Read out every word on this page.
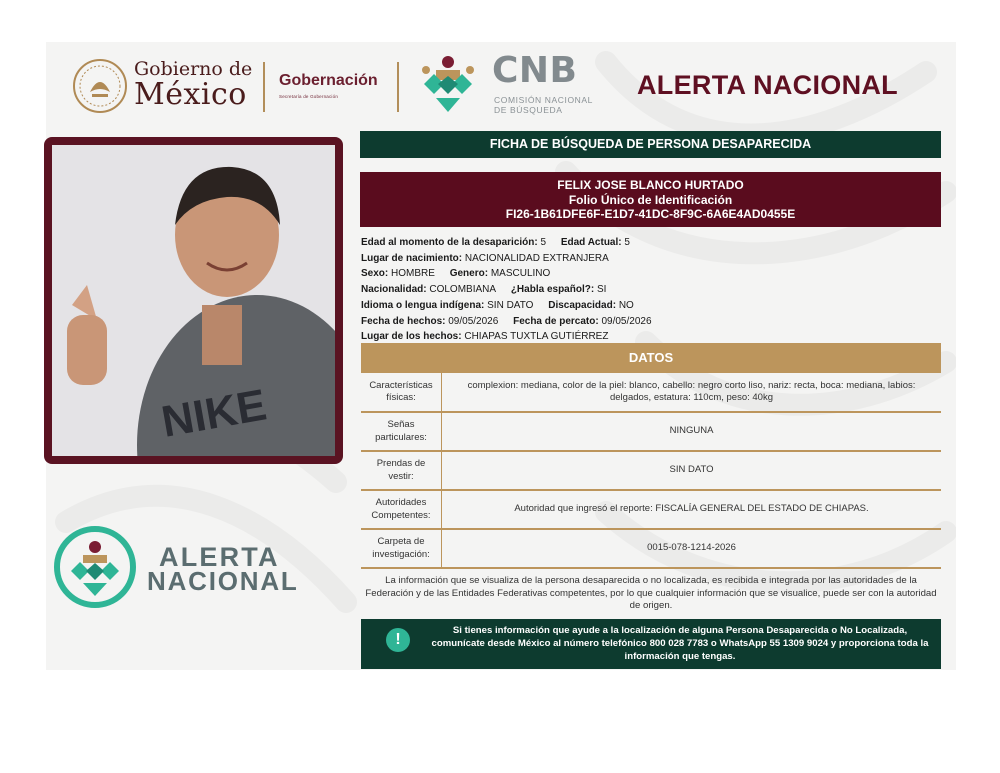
Gobierno de
México	Gobernación
Secretaría de Gobernación
CNB
COMISIÓN NACIONAL
DE BÚSQUEDA
ALERTA NACIONAL
NIKE
FICHA DE BÚSQUEDA DE PERSONA DESAPARECIDA
FELIX JOSE BLANCO HURTADO
Folio Único de Identificación
FI26-1B61DFE6F-E1D7-41DC-8F9C-6A6E4AD0455E
Edad al momento de la desaparición: 5 Edad Actual: 5
Lugar de nacimiento: NACIONALIDAD EXTRANJERA
Sexo: HOMBRE Genero: MASCULINO
Nacionalidad: COLOMBIANA ¿Habla español?: SI
Idioma o lengua indígena: SIN DATO Discapacidad: NO
Fecha de hechos: 09/05/2026 Fecha de percato: 09/05/2026
Lugar de los hechos: CHIAPAS TUXTLA GUTIÉRREZ
DATOS
Características físicas:
complexion: mediana, color de la piel: blanco, cabello: negro corto liso, nariz: recta, boca: mediana, labios: delgados, estatura: 110cm, peso: 40kg
Señas particulares:
NINGUNA
Prendas de vestir:
SIN DATO
Autoridades Competentes:
Autoridad que ingresó el reporte: FISCALÍA GENERAL DEL ESTADO DE CHIAPAS.
Carpeta de investigación:
0015-078-1214-2026
La información que se visualiza de la persona desaparecida o no localizada, es recibida e integrada por las autoridades de la Federación y de las Entidades Federativas competentes, por lo que cualquier información que se visualice, puede ser con la autoridad de origen.
!
Si tienes información que ayude a la localización de alguna Persona Desaparecida o No Localizada, comunícate desde México al número telefónico 800 028 7783 o WhatsApp 55 1309 9024 y proporciona toda la información que tengas.
ALERTA
NACIONAL
